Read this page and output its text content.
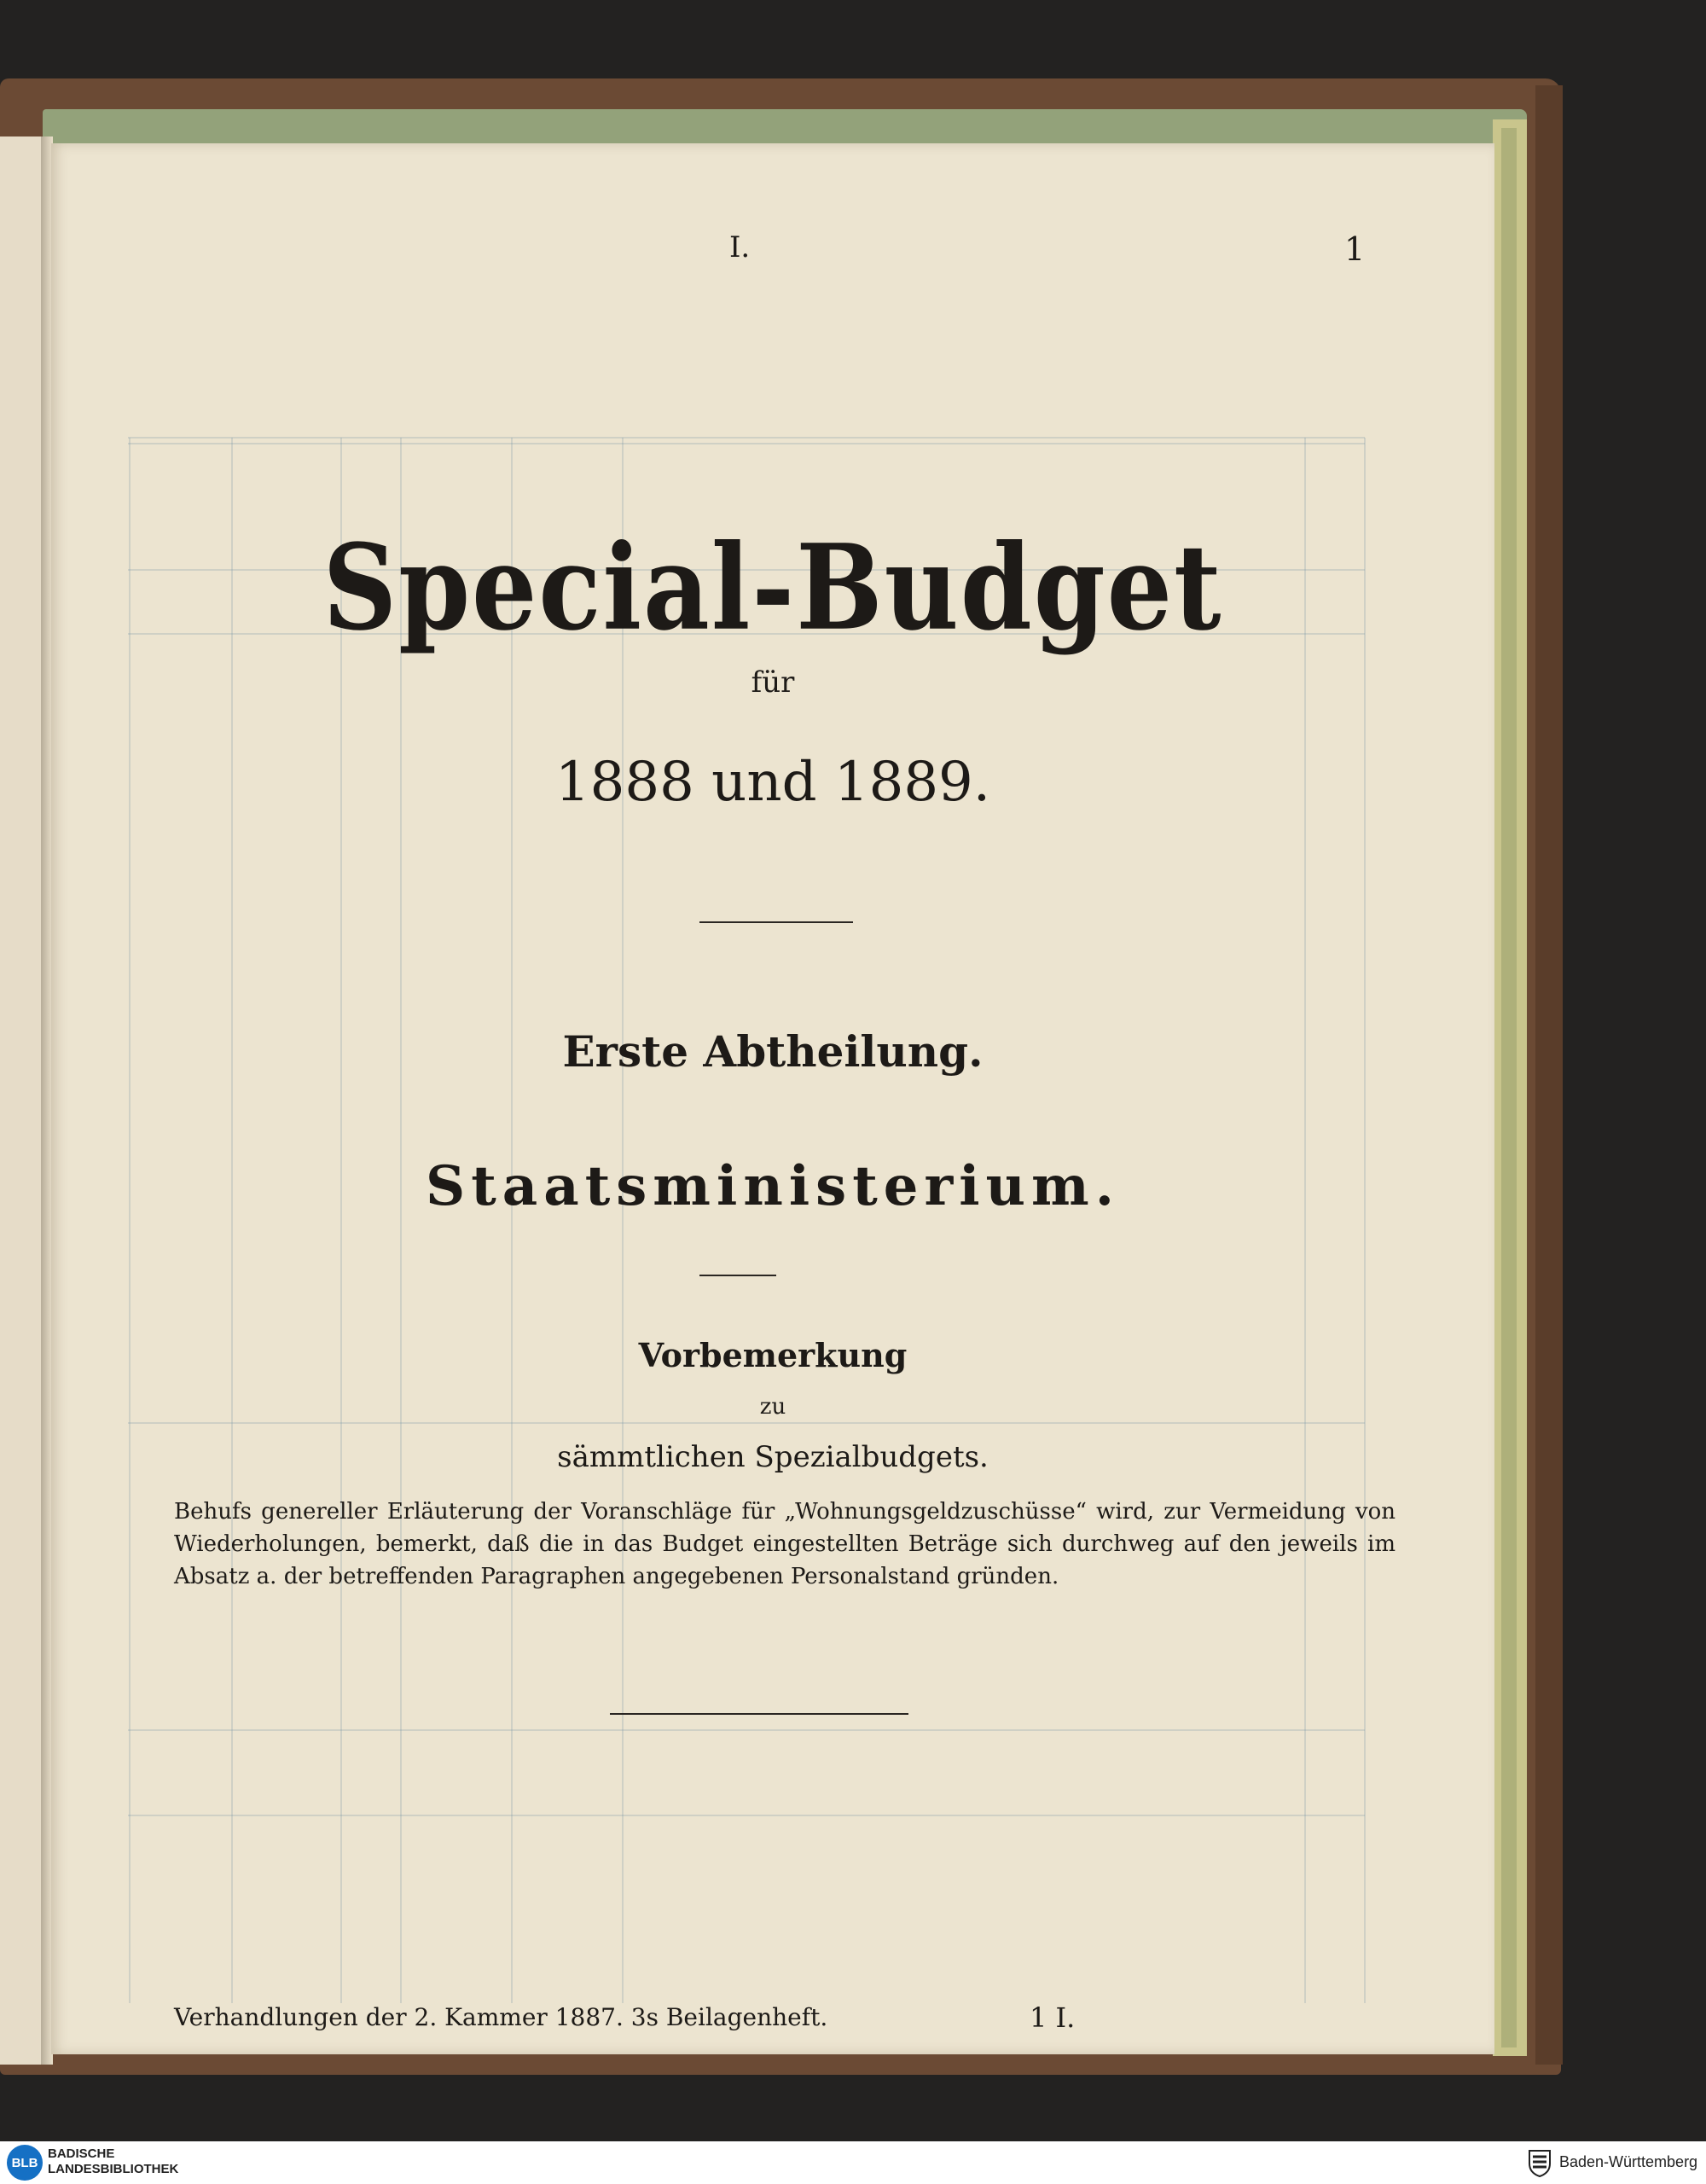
I.	1
Special-Budget
für
1888 und 1889.
Erste Abtheilung.
Staatsministerium.
Vorbemerkung
zu
sämmtlichen Spezialbudgets.
Behufs genereller Erläuterung der Voranschläge für „Wohnungsgeldzuschüsse“ wird, zur Vermeidung von Wiederholungen, bemerkt, daß die in das Budget eingestellten Beträge sich durchweg auf den jeweils im Absatz a. der betreffenden Paragraphen angegebenen Personalstand gründen.
Verhandlungen der 2. Kammer 1887. 3s Beilagenheft.	1 I.
BLB
BADISCHE
LANDESBIBLIOTHEK	Baden-Württemberg
